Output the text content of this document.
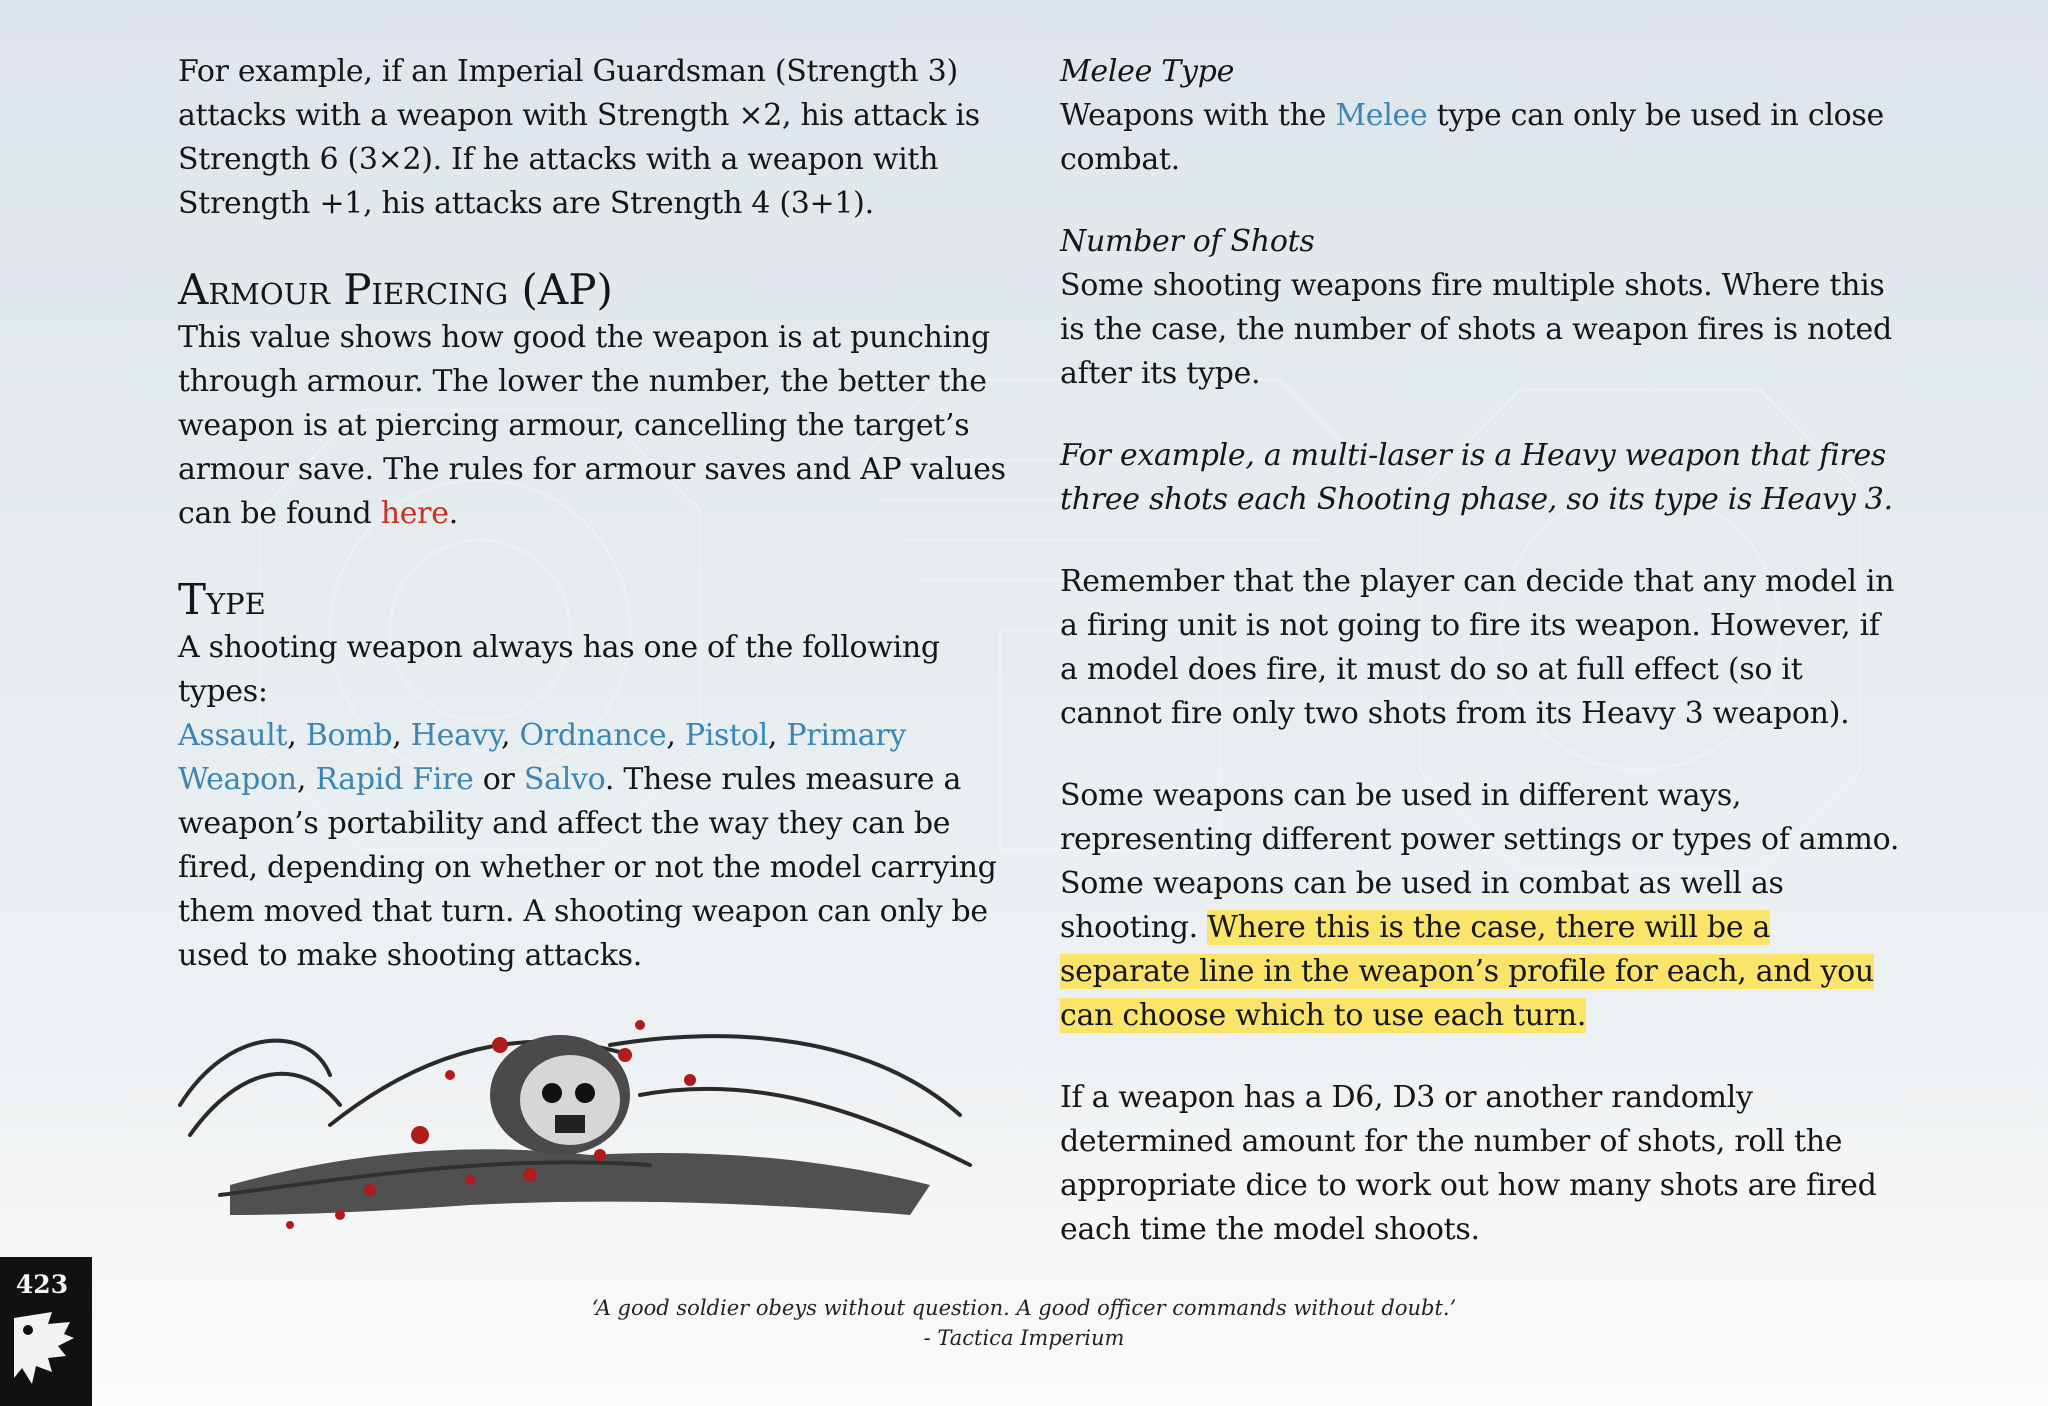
For example, if an Imperial Guardsman (Strength 3) attacks with a weapon with Strength ×2, his attack is Strength 6 (3×2). If he attacks with a weapon with Strength +1, his attacks are Strength 4 (3+1).

Armour Piercing (AP)

This value shows how good the weapon is at punching through armour. The lower the number, the better the weapon is at piercing armour, cancelling the target’s armour save. The rules for armour saves and AP values can be found here.

Type

A shooting weapon always has one of the following types:
Assault, Bomb, Heavy, Ordnance, Pistol, Primary Weapon, Rapid Fire or Salvo. These rules measure a weapon’s portability and affect the way they can be fired, depending on whether or not the model carrying them moved that turn. A shooting weapon can only be used to make shooting attacks.

Melee Type

Weapons with the Melee type can only be used in close combat.

Number of Shots

Some shooting weapons fire multiple shots. Where this is the case, the number of shots a weapon fires is noted after its type.

For example, a multi-laser is a Heavy weapon that fires three shots each Shooting phase, so its type is Heavy 3.

Remember that the player can decide that any model in a firing unit is not going to fire its weapon. However, if a model does fire, it must do so at full effect (so it cannot fire only two shots from its Heavy 3 weapon).

Some weapons can be used in different ways, representing different power settings or types of ammo. Some weapons can be used in combat as well as shooting. Where this is the case, there will be a separate line in the weapon’s profile for each, and you can choose which to use each turn.

If a weapon has a D6, D3 or another randomly determined amount for the number of shots, roll the appropriate dice to work out how many shots are fired each time the model shoots.

423
‘A good soldier obeys without question. A good officer commands without doubt.’
- Tactica Imperium
